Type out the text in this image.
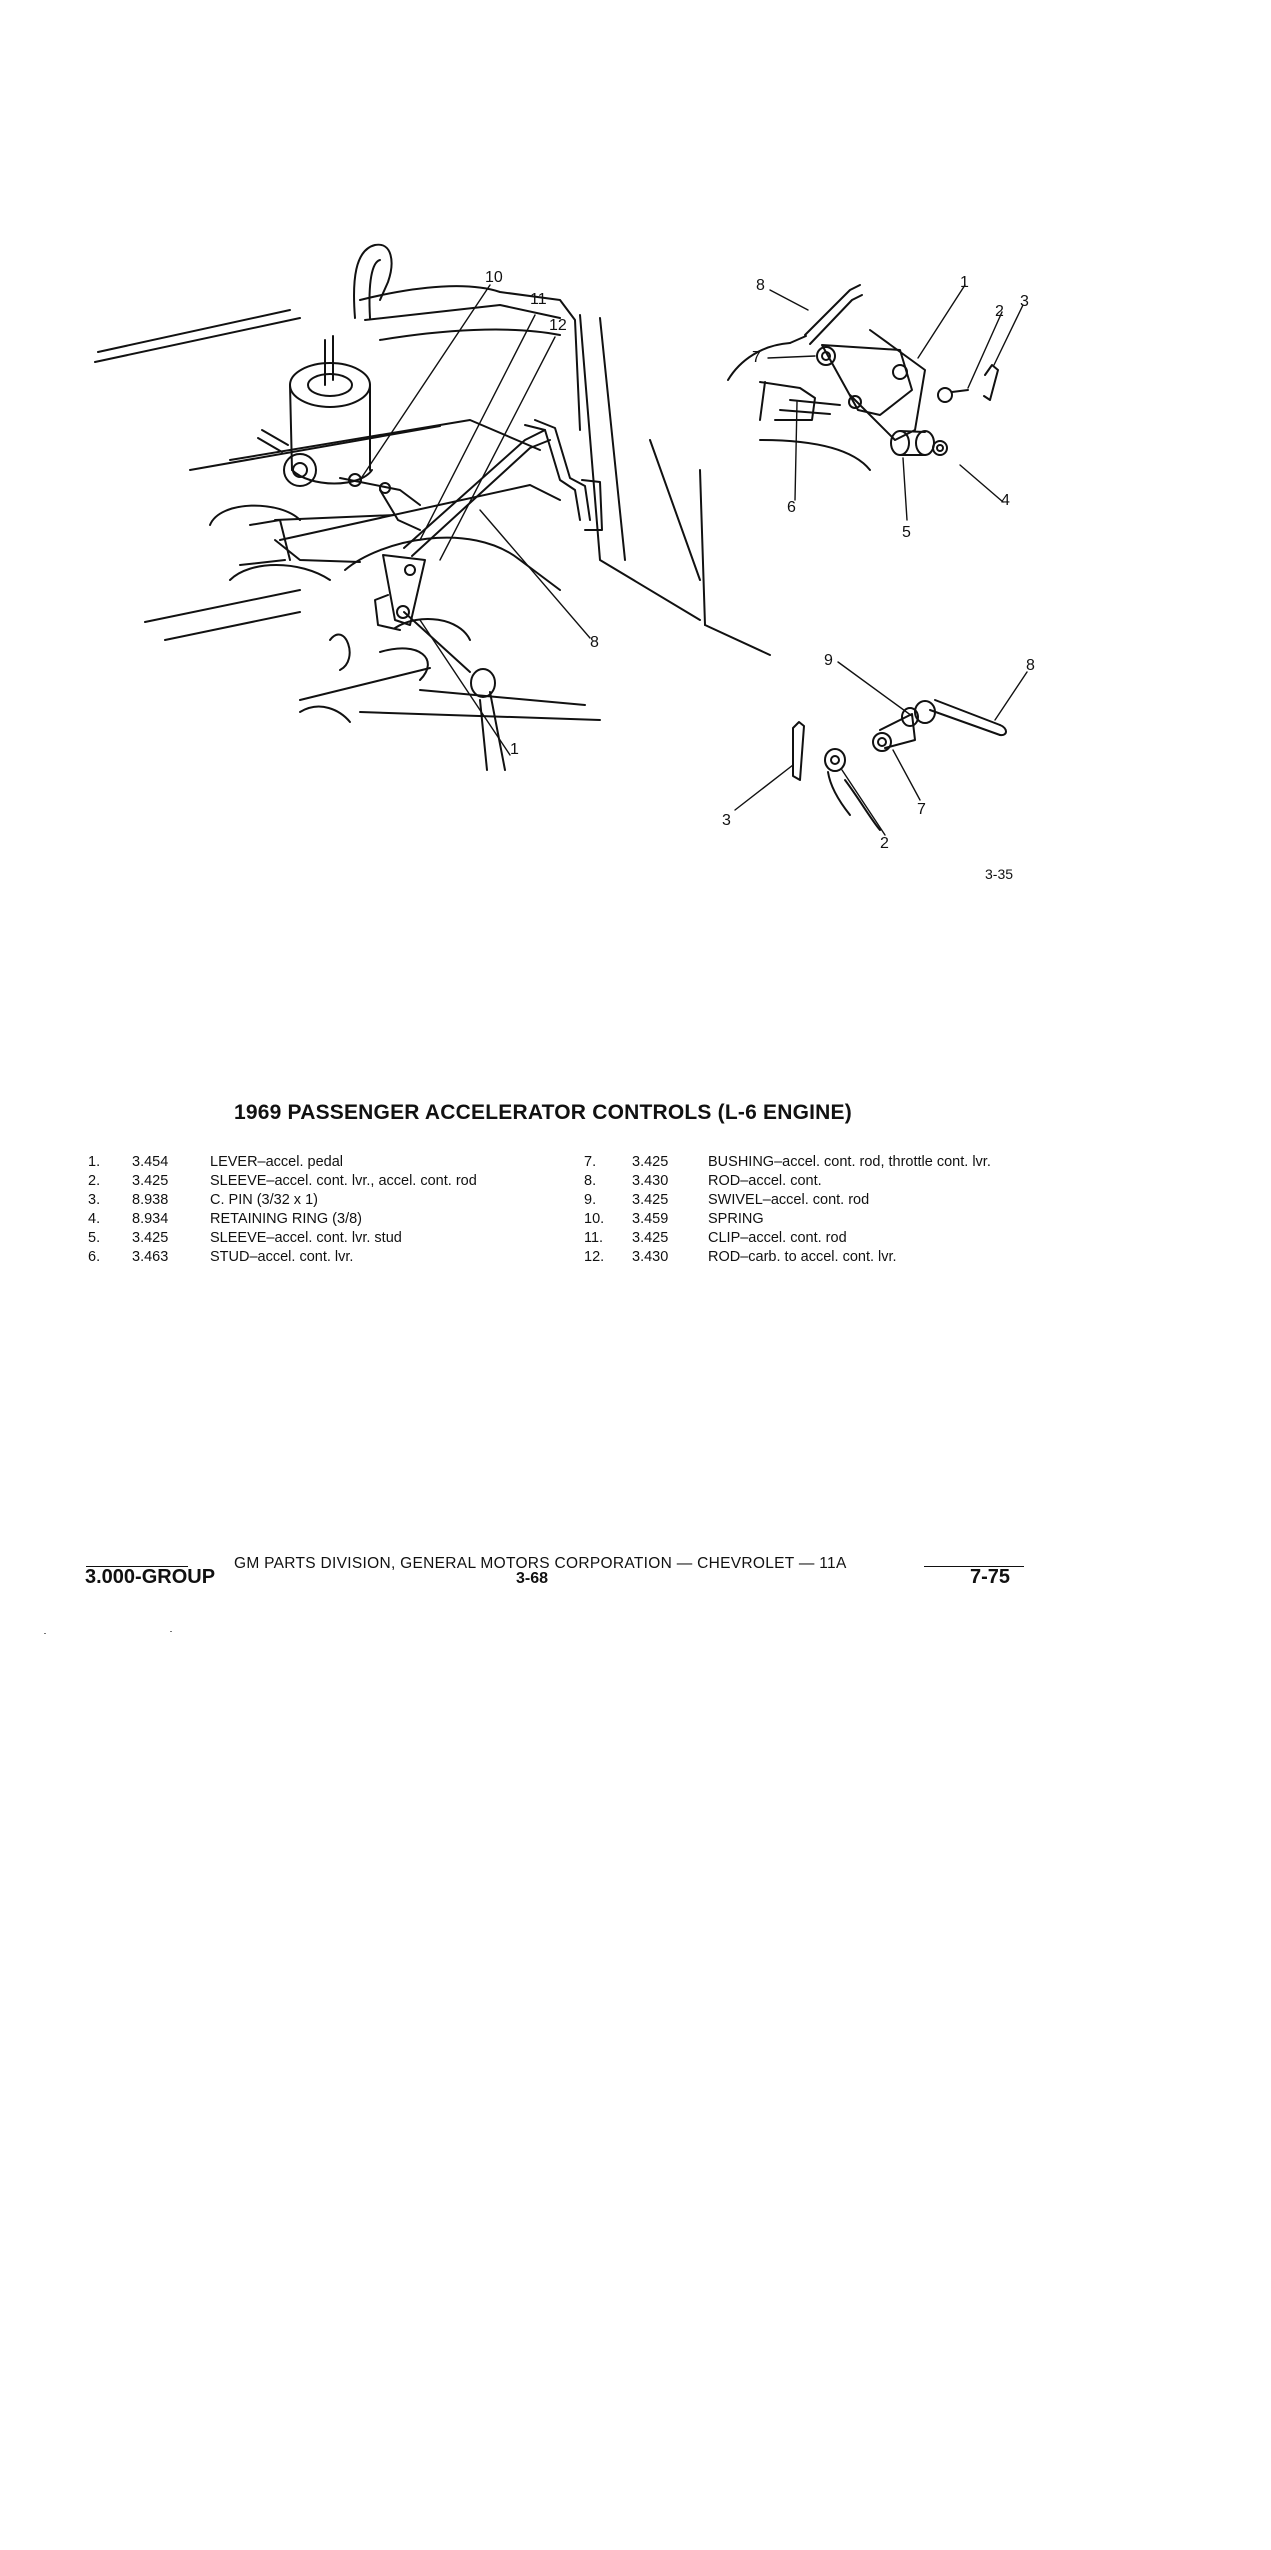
10
11
12
8
1
8	1
2
3
7
6
5
4
9	8
3
7
2
3-35
1969 PASSENGER ACCELERATOR CONTROLS (L-6 ENGINE)
1. 3.454	LEVER–accel. pedal
2. 3.425	SLEEVE–accel. cont. lvr., accel. cont. rod
3. 8.938	C. PIN (3/32 x 1)
4. 8.934	RETAINING RING (3/8)
5. 3.425	SLEEVE–accel. cont. lvr. stud
6. 3.463	STUD–accel. cont. lvr.
7. 3.425	BUSHING–accel. cont. rod, throttle cont. lvr.
8. 3.430	ROD–accel. cont.
9. 3.425	SWIVEL–accel. cont. rod
10. 3.459	SPRING
11. 3.425	CLIP–accel. cont. rod
12. 3.430	ROD–carb. to accel. cont. lvr.
GM PARTS DIVISION, GENERAL MOTORS CORPORATION — CHEVROLET — 11A
3.000-GROUP	3-68	7-75
